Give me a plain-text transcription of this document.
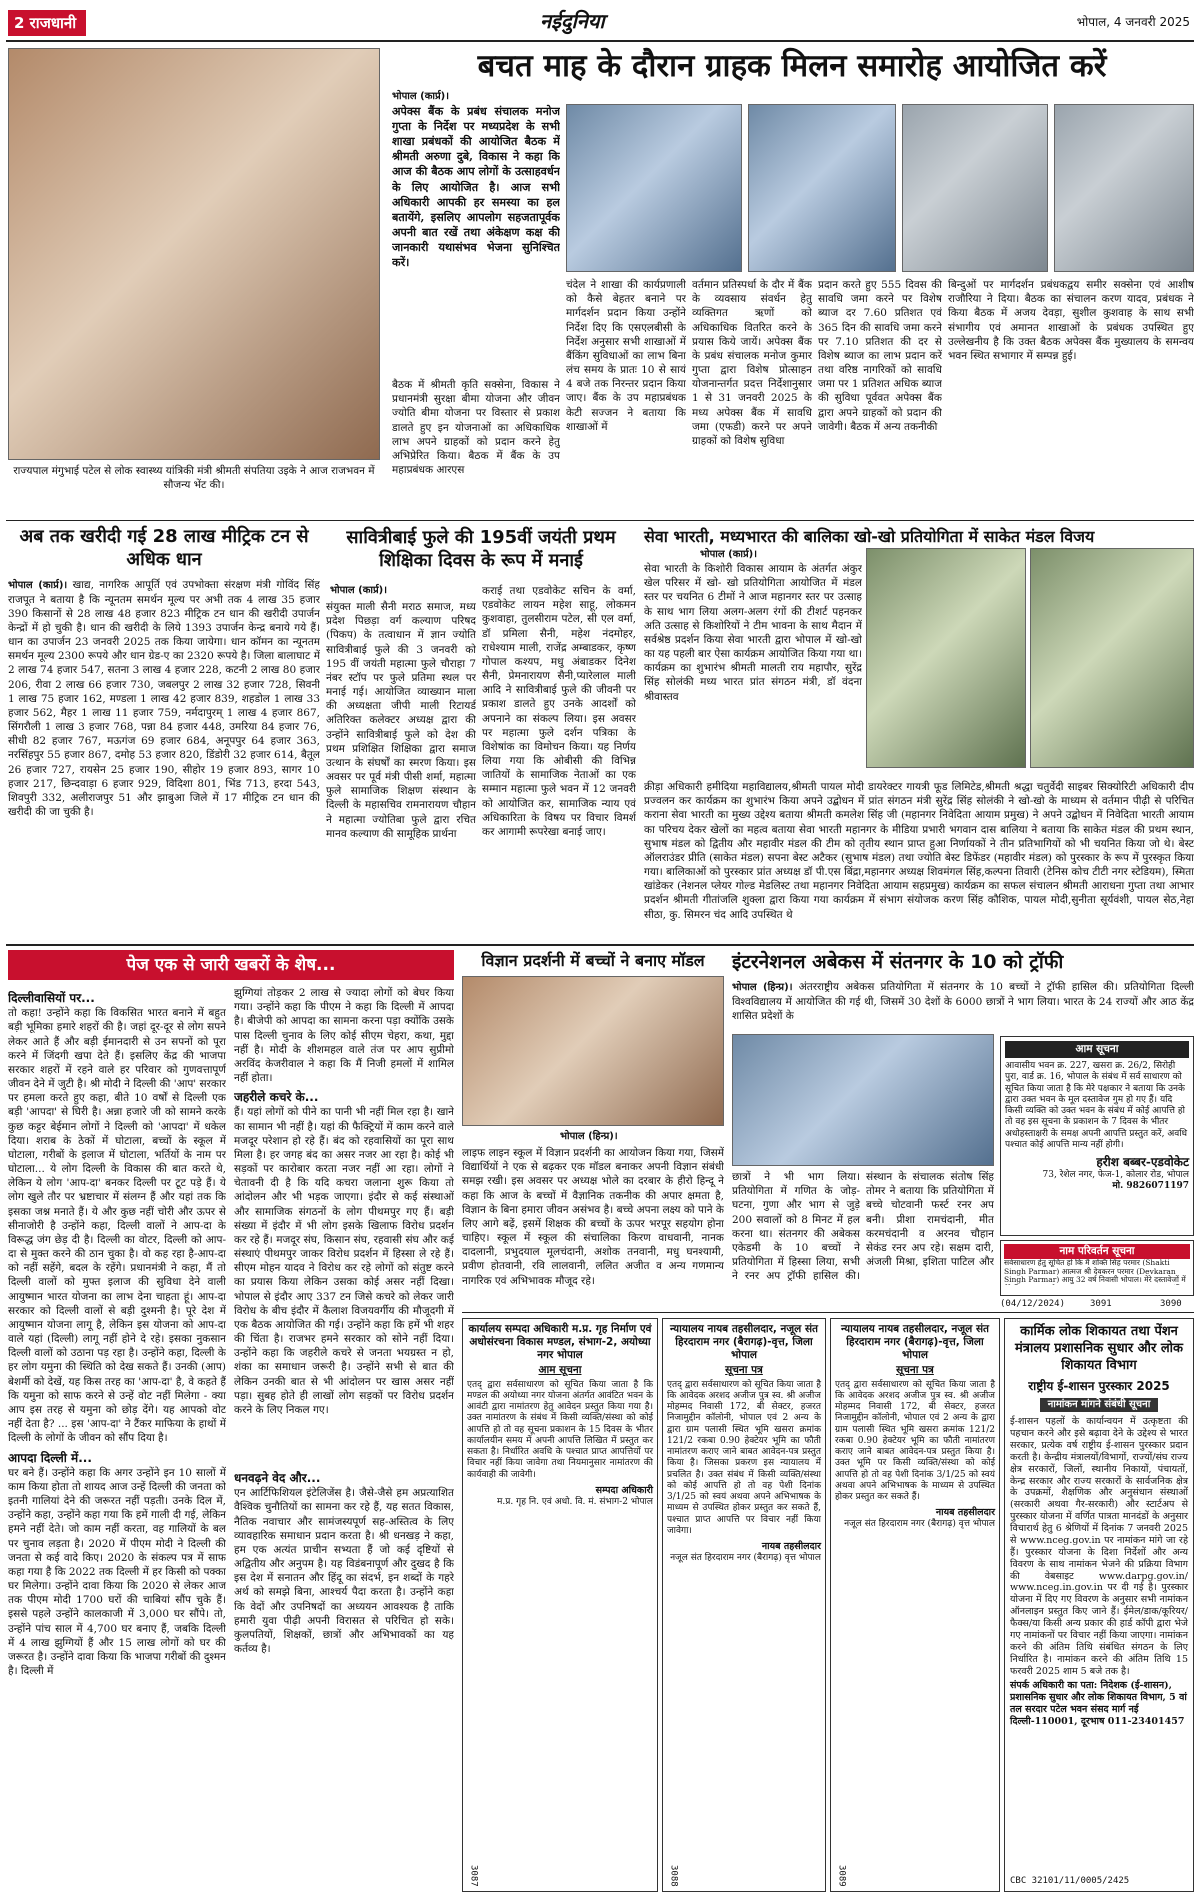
2 राजधानी	नईदुनिया	भोपाल, 4 जनवरी 2025
राज्यपाल मंगुभाई पटेल से लोक स्वास्थ्य यांत्रिकी मंत्री श्रीमती संपतिया उइके ने आज राजभवन में सौजन्य भेंट की।
बचत माह के दौरान ग्राहक मिलन समारोह आयोजित करें
भोपाल (कार्प्र)।
अपेक्स बैंक के प्रबंध संचालक मनोज गुप्ता के निर्देश पर मध्यप्रदेश के सभी शाखा प्रबंधकों की आयोजित बैठक में श्रीमती अरुणा दुबे, विकास ने कहा कि आज की बैठक आप लोगों के उत्साहवर्धन के लिए आयोजित है। आज सभी अधिकारी आपकी हर समस्या का हल बतायेंगे, इसलिए आपलोग सहजतापूर्वक अपनी बात रखें तथा अंकेक्षण कक्ष की जानकारी यथासंभव भेजना सुनिश्चित करें।
बैठक में श्रीमती कृति सक्सेना, विकास ने प्रधानमंत्री सुरक्षा बीमा योजना और जीवन ज्योति बीमा योजना पर विस्तार से प्रकाश डालते हुए इन योजनाओं का अधिकाधिक लाभ अपने ग्राहकों को प्रदान करने हेतु अभिप्रेरित किया। बैठक में बैंक के उप महाप्रबंधक आरएस
चंदेल ने शाखा की कार्यप्रणाली को कैसे बेहतर बनाने पर मार्गदर्शन प्रदान किया उन्होंने निर्देश दिए कि एसएलबीसी के निर्देश अनुसार सभी शाखाओं में बैंकिंग सुविधाओं का लाभ बिना लंच समय के प्रातः 10 से सायं 4 बजे तक निरन्तर प्रदान किया जाए। बैंक के उप महाप्रबंधक केटी सज्जन ने बताया कि शाखाओं में
वर्तमान प्रतिस्पर्धा के दौर में बैंक के व्यवसाय संवर्धन हेतु व्यक्तिगत ऋणों को अधिकाधिक वितरित करने के प्रयास किये जायें। अपेक्स बैंक के प्रबंध संचालक मनोज कुमार गुप्ता द्वारा विशेष प्रोत्साहन योजनान्तर्गत प्रदत्त निर्देशानुसार 1 से 31 जनवरी 2025 के मध्य अपेक्स बैंक में सावधि जमा (एफडी) करने पर अपने ग्राहकों को विशेष सुविधा
प्रदान करते हुए 555 दिवस की सावधि जमा करने पर विशेष ब्याज दर 7.60 प्रतिशत एवं 365 दिन की सावधि जमा करने पर 7.10 प्रतिशत की दर से विशेष ब्याज का लाभ प्रदान करें तथा वरिष्ठ नागरिकों को सावधि जमा पर 1 प्रतिशत अधिक ब्याज की सुविधा पूर्ववत अपेक्स बैंक द्वारा अपने ग्राहकों को प्रदान की जावेगी। बैठक में अन्य तकनीकी
बिन्दुओं पर मार्गदर्शन प्रबंधकद्वय समीर सक्सेना एवं आशीष राजौरिया ने दिया। बैठक का संचालन करण यादव, प्रबंधक ने किया बैठक में अजय देवड़ा, सुशील कुशवाह के साथ सभी संभागीय एवं अमानत शाखाओं के प्रबंधक उपस्थित हुए उल्लेखनीय है कि उक्त बैठक अपेक्स बैंक मुख्यालय के समन्वय भवन स्थित सभागार में सम्पन्न हुई।
अब तक खरीदी गई 28 लाख मीट्रिक टन से अधिक धान
भोपाल (कार्प्र)। खाद्य, नागरिक आपूर्ति एवं उपभोक्ता संरक्षण मंत्री गोविंद सिंह राजपूत ने बताया है कि न्यूनतम समर्थन मूल्य पर अभी तक 4 लाख 35 हजार 390 किसानों से 28 लाख 48 हजार 823 मीट्रिक टन धान की खरीदी उपार्जन केन्द्रों में हो चुकी है। धान की खरीदी के लिये 1393 उपार्जन केन्द्र बनाये गये हैं। धान का उपार्जन 23 जनवरी 2025 तक किया जायेगा। धान कॉमन का न्यूनतम समर्थन मूल्य 2300 रूपये और धान ग्रेड-ए का 2320 रूपये है। जिला बालाघाट में 2 लाख 74 हजार 547, सतना 3 लाख 4 हजार 228, कटनी 2 लाख 80 हजार 206, रीवा 2 लाख 66 हजार 730, जबलपुर 2 लाख 32 हजार 728, सिवनी 1 लाख 75 हजार 162, मण्डला 1 लाख 42 हजार 839, शहडोल 1 लाख 33 हजार 562, मैहर 1 लाख 11 हजार 759, नर्मदापुरम् 1 लाख 4 हजार 867, सिंगरौली 1 लाख 3 हजार 768, पन्ना 84 हजार 448, उमरिया 84 हजार 76, सीधी 82 हजार 767, मऊगंज 69 हजार 684, अनूपपुर 64 हजार 363, नरसिंहपुर 55 हजार 867, दमोह 53 हजार 820, डिंडोरी 32 हजार 614, बैतूल 26 हजार 727, रायसेन 25 हजार 190, सीहोर 19 हजार 893, सागर 10 हजार 217, छिन्दवाड़ा 6 हजार 929, विदिशा 801, भिंड 713, हरदा 543, शिवपुरी 332, अलीराजपुर 51 और झाबुआ जिले में 17 मीट्रिक टन धान की खरीदी की जा चुकी है।
सावित्रीबाई फुले की 195वीं जयंती प्रथम शिक्षिका दिवस के रूप में मनाई
भोपाल (कार्प्र)।
संयुक्त माली सैनी मराठ समाज, मध्य प्रदेश पिछड़ा वर्ग कल्याण परिषद (पिकप) के तत्वाधान में ज्ञान ज्योति सावित्रीबाई फुले की 3 जनवरी को 195 वीं जयंती महात्मा फुले चौराहा 7 नंबर स्टॉप पर फुले प्रतिमा स्थल पर मनाई गई। आयोजित व्याख्यान माला की अध्यक्षता जीपी माली रिटायर्ड अतिरिक्त कलेक्टर अध्यक्ष द्वारा की उन्होंने सावित्रीबाई फुले को देश की प्रथम प्रशिक्षित शिक्षिका द्वारा समाज उत्थान के संघर्षों का स्मरण किया। इस अवसर पर पूर्व मंत्री पीसी शर्मा, महात्मा फुले सामाजिक शिक्षण संस्थान के दिल्ली के महासचिव रामनारायण चौहान ने महात्मा ज्योतिबा फुले द्वारा रचित मानव कल्याण की सामूहिक प्रार्थना
कराई तथा एडवोकेट सचिन के वर्मा, एडवोकेट लायन महेश साहू, लोकमन कुशवाहा, तुलसीराम पटेल, सी एल वर्मा, डॉ प्रमिला सैनी, महेश नंदमोहर, राधेश्याम माली, राजेंद्र अम्बाडकर, कृष्ण गोपाल कश्यप, मधु अंबाडकर दिनेश सैनी, प्रेमनारायण सैनी,प्यारेलाल माली आदि ने सावित्रीबाई फुले की जीवनी पर प्रकाश डालते हुए उनके आदर्शों को अपनाने का संकल्प लिया। इस अवसर पर महात्मा फुले दर्शन पत्रिका के विशेषांक का विमोचन किया। यह निर्णय लिया गया कि ओबीसी की विभिन्न जातियों के सामाजिक नेताओं का एक सम्मान महात्मा फुले भवन में 12 जनवरी को आयोजित कर, सामाजिक न्याय एवं अधिकारिता के विषय पर विचार विमर्श कर आगामी रूपरेखा बनाई जाए।
सेवा भारती, मध्यभारत की बालिका खो-खो प्रतियोगिता में साकेत मंडल विजय
भोपाल (कार्प्र)।
सेवा भारती के किशोरी विकास आयाम के अंतर्गत अंकुर खेल परिसर में खो- खो प्रतियोगिता आयोजित में मंडल स्तर पर चयनित 6 टीमों ने आज महानगर स्तर पर उत्साह के साथ भाग लिया अलग-अलग रंगों की टीशर्ट पहनकर अति उत्साह से किशोरियों ने टीम भावना के साथ मैदान में सर्वश्रेष्ठ प्रदर्शन किया सेवा भारती द्वारा भोपाल में खो-खो का यह पहली बार ऐसा कार्यक्रम आयोजित किया गया था। कार्यक्रम का शुभारंभ श्रीमती मालती राय महापौर, सुरेंद्र सिंह सोलंकी मध्य भारत प्रांत संगठन मंत्री, डॉ वंदना श्रीवास्तव
क्रीड़ा अधिकारी हमीदिया महाविद्यालय,श्रीमती पायल मोदी डायरेक्टर गायत्री फूड लिमिटेड,श्रीमती श्रद्धा चतुर्वेदी साइबर सिक्योरिटी अधिकारी दीप प्रज्वलन कर कार्यक्रम का शुभारंभ किया अपने उद्बोधन में प्रांत संगठन मंत्री सुरेंद्र सिंह सोलंकी ने खो-खो के माध्यम से वर्तमान पीढ़ी से परिचित कराना सेवा भारती का मुख्य उद्देश्य बताया श्रीमती कमलेश सिंह जी (महानगर निवेदिता आयाम प्रमुख) ने अपने उद्बोधन में निवेदिता भारती आयाम का परिचय देकर खेलों का महत्व बताया सेवा भारती महानगर के मीडिया प्रभारी भगवान दास बालिया ने बताया कि साकेत मंडल की प्रथम स्थान, सुभाष मंडल को द्वितीय और महावीर मंडल की टीम को तृतीय स्थान प्राप्त हुआ निर्णायकों ने तीन प्रतिभागियों को भी चयनित किया जो थे। बेस्ट ऑलराउंडर प्रीति (साकेत मंडल) सपना बेस्ट अटैकर (सुभाष मंडल) तथा ज्योति बेस्ट डिफेंडर (महावीर मंडल) को पुरस्कार के रूप में पुरस्कृत किया गया। बालिकाओं को पुरस्कार प्रांत अध्यक्ष डॉ पी.एस बिंद्रा,महानगर अध्यक्ष शिवमंगल सिंह,कल्पना तिवारी (टेनिस कोच टीटी नगर स्टेडियम), स्मिता खांडेकर (नेशनल प्लेयर गोल्ड मेडलिस्ट तथा महानगर निवेदिता आयाम सहप्रमुख) कार्यक्रम का सफल संचालन श्रीमती आराधना गुप्ता तथा आभार प्रदर्शन श्रीमती गीतांजलि शुक्ला द्वारा किया गया कार्यक्रम में संभाग संयोजक करण सिंह कौशिक, पायल मोदी,सुनीता सूर्यवंशी, पायल सेठ,नेहा सीठा, कु. सिमरन चंद आदि उपस्थित थे
पेज एक से जारी खबरों के शेष...
दिल्लीवासियों पर...
तो कहा! उन्होंने कहा कि विकसित भारत बनाने में बहुत बड़ी भूमिका हमारे शहरों की है। जहां दूर-दूर से लोग सपने लेकर आते हैं और बड़ी ईमानदारी से उन सपनों को पूरा करने में जिंदगी खपा देते हैं। इसलिए केंद्र की भाजपा सरकार शहरों में रहने वाले हर परिवार को गुणवत्तापूर्ण जीवन देने में जुटी है। श्री मोदी ने दिल्ली की 'आप' सरकार पर हमला करते हुए कहा, बीते 10 वर्षों से दिल्ली एक बड़ी 'आपदा' से घिरी है। अन्ना हजारे जी को सामने करके कुछ कट्टर बेईमान लोगों ने दिल्ली को 'आपदा' में धकेल दिया। शराब के ठेकों में घोटाला, बच्चों के स्कूल में घोटाला, गरीबों के इलाज में घोटाला, भर्तियों के नाम पर घोटाला... ये लोग दिल्ली के विकास की बात करते थे, लेकिन ये लोग 'आप-दा' बनकर दिल्ली पर टूट पड़े हैं। ये लोग खुले तौर पर भ्रष्टाचार में संलग्न हैं और यहां तक कि इसका जश्न मनाते हैं। ये और कुछ नहीं चोरी और ऊपर से सीनाजोरी है उन्होंने कहा, दिल्ली वालों ने आप-दा के विरूद्ध जंग छेड़ दी है। दिल्ली का वोटर, दिल्ली को आप-दा से मुक्त करने की ठान चुका है। वो कह रहा है-आप-दा को नहीं सहेंगे, बदल के रहेंगे। प्रधानमंत्री ने कहा, मैं तो दिल्ली वालों को मुफ्त इलाज की सुविधा देने वाली आयुष्मान भारत योजना का लाभ देना चाहता हूं। आप-दा सरकार को दिल्ली वालों से बड़ी दुश्मनी है। पूरे देश में आयुष्मान योजना लागू है, लेकिन इस योजना को आप-दा वाले यहां (दिल्ली) लागू नहीं होने दे रहे। इसका नुकसान दिल्ली वालों को उठाना पड़ रहा है। उन्होंने कहा, दिल्ली के हर लोग यमुना की स्थिति को देख सकते हैं। उनकी (आप) बेशर्मी को देखें, यह किस तरह का 'आप-दा' है, वे कहते हैं कि यमुना को साफ करने से उन्हें वोट नहीं मिलेगा - क्या आप इस तरह से यमुना को छोड़ देंगे। यह आपको वोट नहीं देता है? ... इस 'आप-दा' ने टैंकर माफिया के हाथों में दिल्ली के लोगों के जीवन को सौंप दिया है।
आपदा दिल्ली में...
घर बने हैं। उन्होंने कहा कि अगर उन्होंने इन 10 सालों में काम किया होता तो शायद आज उन्हें दिल्ली की जनता को इतनी गालियां देने की जरूरत नहीं पड़ती। उनके दिल में, उन्होंने कहा, उन्होंने कहा गया कि हमें गाली दी गई, लेकिन हमने नहीं देते। जो काम नहीं करता, वह गालियों के बल पर चुनाव लड़ता है। 2020 में पीएम मोदी ने दिल्ली की जनता से कई वादे किए। 2020 के संकल्प पत्र में साफ कहा गया है कि 2022 तक दिल्ली में हर किसी को पक्का घर मिलेगा। उन्होंने दावा किया कि 2020 से लेकर आज तक पीएम मोदी 1700 घरों की चाबियां सौंप चुके हैं। इससे पहले उन्होंने कालकाजी में 3,000 घर सौंपे। तो, उन्होंने पांच साल में 4,700 घर बनाए हैं, जबकि दिल्ली में 4 लाख झुग्गियों हैं और 15 लाख लोगों को घर की जरूरत है। उन्होंने दावा किया कि भाजपा गरीबों की दुश्मन है। दिल्ली में
झुग्गियां तोड़कर 2 लाख से ज्यादा लोगों को बेघर किया गया। उन्होंने कहा कि पीएम ने कहा कि दिल्ली में आपदा है। बीजेपी को आपदा का सामना करना पड़ा क्योंकि उसके पास दिल्ली चुनाव के लिए कोई सीएम चेहरा, कथा, मुद्दा नहीं है। मोदी के शीशमहल वाले तंज पर आप सुप्रीमो अरविंद केजरीवाल ने कहा कि मैं निजी हमलों में शामिल नहीं होता।
जहरीले कचरे के...
हैं। यहां लोगों को पीने का पानी भी नहीं मिल रहा है। खाने का सामान भी नहीं है। यहां की फैक्ट्रियों में काम करने वाले मजदूर परेशान हो रहे हैं। बंद को रहवासियों का पूरा साथ मिला है। हर जगह बंद का असर नजर आ रहा है। कोई भी सड़कों पर कारोबार करता नजर नहीं आ रहा। लोगों ने चेतावनी दी है कि यदि कचरा जलाना शुरू किया तो आंदोलन और भी भड़क जाएगा। इंदौर से कई संस्थाओं और सामाजिक संगठनों के लोग पीथमपुर गए हैं। बड़ी संख्या में इंदौर में भी लोग इसके खिलाफ विरोध प्रदर्शन कर रहे हैं। मजदूर संघ, किसान संघ, रहवासी संघ और कई संस्थाएं पीथमपुर जाकर विरोध प्रदर्शन में हिस्सा ले रहे हैं। सीएम मोहन यादव ने विरोध कर रहे लोगों को संतुष्ट करने का प्रयास किया लेकिन उसका कोई असर नहीं दिखा। भोपाल से इंदौर आए 337 टन जिसे कचरे को लेकर जारी विरोध के बीच इंदौर में कैलाश विजयवर्गीय की मौजूदगी में एक बैठक आयोजित की गई। उन्होंने कहा कि हमें भी शहर की चिंता है। राजभर हमने सरकार को सोने नहीं दिया। उन्होंने कहा कि जहरीले कचरे से जनता भयग्रस्त न हो, शंका का समाधान जरूरी है। उन्होंने सभी से बात की लेकिन उनकी बात से भी आंदोलन पर खास असर नहीं पड़ा। सुबह होते ही लाखों लोग सड़कों पर विरोध प्रदर्शन करने के लिए निकल गए।
धनवढ़ने वेद और...
एन आर्टिफिशियल इंटेलिजेंस है। जैसे-जैसे हम अप्रत्याशित वैश्विक चुनौतियों का सामना कर रहे हैं, यह सतत विकास, नैतिक नवाचार और सामंजस्यपूर्ण सह-अस्तित्व के लिए व्यावहारिक समाधान प्रदान करता है। श्री धनखड़ ने कहा, हम एक अत्यंत प्राचीन सभ्यता हैं जो कई दृष्टियों से अद्वितीय और अनुपम है। यह विडंबनापूर्ण और दुखद है कि इस देश में सनातन और हिंदू का संदर्भ, इन शब्दों के गहरे अर्थ को समझे बिना, आश्चर्य पैदा करता है। उन्होंने कहा कि वेदों और उपनिषदों का अध्ययन आवश्यक है ताकि हमारी युवा पीढ़ी अपनी विरासत से परिचित हो सके। कुलपतियों, शिक्षकों, छात्रों और अभिभावकों का यह कर्तव्य है।
विज्ञान प्रदर्शनी में बच्चों ने बनाए मॉडल
भोपाल (हिन्प्र)।
लाइफ लाइन स्कूल में विज्ञान प्रदर्शनी का आयोजन किया गया, जिसमें विद्यार्थियों ने एक से बढ़कर एक मॉडल बनाकर अपनी विज्ञान संबंधी समझ रखी। इस अवसर पर अध्यक्ष भोले का दरबार के हीरो हिन्दू ने कहा कि आज के बच्चों में वैज्ञानिक तकनीक की अपार क्षमता है, विज्ञान के बिना हमारा जीवन असंभव है। बच्चे अपना लक्ष्य को पाने के लिए आगे बढ़ें, इसमें शिक्षक की बच्चों के ऊपर भरपूर सहयोग होना चाहिए। स्कूल में स्कूल की संचालिका किरण वाधवानी, नानक दादलानी, प्रभुदयाल मूलचंदानी, अशोक तनवानी, मधु घनश्यामी, प्रवीण होतवानी, रवि लालवानी, ललित अजीत व अन्य गणमान्य नागरिक एवं अभिभावक मौजूद रहे।
इंटरनेशनल अबेकस में संतनगर के 10 को ट्रॉफी
भोपाल (हिन्प्र)। अंतरराष्ट्रीय अबेकस प्रतियोगिता में संतनगर के 10 बच्चों ने ट्रॉफी हासिल की। प्रतियोगिता दिल्ली विश्वविद्यालय में आयोजित की गई थी, जिसमें 30 देशों के 6000 छात्रों ने भाग लिया। भारत के 24 राज्यों और आठ केंद्र शासित प्रदेशों के
छात्रों ने भी भाग लिया। प्रतियोगिता में गणित के जोड़-घटना, गुणा और भाग से जुड़े 200 सवालों को 8 मिनट में हल करना था। संतनगर की अबेकस एकेडमी के 10 बच्चों ने प्रतियोगिता में हिस्सा लिया, सभी ने रनर अप ट्रॉफी हासिल की। संस्थान के संचालक संतोष सिंह तोमर ने बताया कि प्रतियोगिता में बच्चे चोटवानी फर्स्ट रनर अप बनी। प्रीशा रामचंदानी, मीत करमचंदानी व अरनव चौहान सेकंड रनर अप रहे। सक्षम दारी, अंजली मिश्रा, इशिता पाटिल और
आम सूचना
आवासीय भवन क्र. 227, खसरा क्र. 26/2, सिरोही पुरा, वार्ड क्र. 16, भोपाल के संबंध में सर्व साधारण को सूचित किया जाता है कि मेरे पक्षकार ने बताया कि उनके द्वारा उक्त भवन के मूल दस्तावेज गुम हो गए हैं। यदि किसी व्यक्ति को उक्त भवन के संबंध में कोई आपत्ति हो तो वह इस सूचना के प्रकाशन के 7 दिवस के भीतर अधोहस्ताक्षरी के समक्ष अपनी आपत्ति प्रस्तुत करें, अवधि पश्चात कोई आपत्ति मान्य नहीं होगी।
हरीश बब्बर-एडवोकेट
73, रेशेल नगर, फेज-1, कोलार रोड, भोपाल
मो. 9826071197
नाम परिवर्तन सूचना
सर्वसाधारण हेतु सूचित हो कि मैं शक्ति सिंह परमार (Shakti Singh Parmar) आत्मज श्री देवकरन परमार (Devkaran Singh Parmar) आयु 32 वर्ष निवासी भोपाल। मेरे दस्तावेजों में
(04/12/2024)	3091	3090
कार्यालय सम्पदा अधिकारी म.प्र. गृह निर्माण एवं अधोसंरचना विकास मण्डल, संभाग-2, अयोध्या नगर भोपाल
आम सूचना
एतद् द्वारा सर्वसाधारण को सूचित किया जाता है कि मण्डल की अयोध्या नगर योजना अंतर्गत आवंटित भवन के आवंटी द्वारा नामांतरण हेतु आवेदन प्रस्तुत किया गया है। उक्त नामांतरण के संबंध में किसी व्यक्ति/संस्था को कोई आपत्ति हो तो वह सूचना प्रकाशन के 15 दिवस के भीतर कार्यालयीन समय में अपनी आपत्ति लिखित में प्रस्तुत कर सकता है। निर्धारित अवधि के पश्चात प्राप्त आपत्तियों पर विचार नहीं किया जावेगा तथा नियमानुसार नामांतरण की कार्यवाही की जावेगी।
सम्पदा अधिकारी
म.प्र. गृह नि. एवं अधो. वि. मं. संभाग-2 भोपाल
3087
न्यायालय नायब तहसीलदार, नजूल संत हिरदाराम नगर (बैरागढ़)-वृत्त, जिला भोपाल
सूचना पत्र
एतद् द्वारा सर्वसाधारण को सूचित किया जाता है कि आवेदक अरशद अजीज पुत्र स्व. श्री अजीज मोहम्मद निवासी 172, बी सेक्टर, हजरत निजामुद्दीन कॉलोनी, भोपाल एवं 2 अन्य के द्वारा ग्राम पलासी स्थित भूमि खसरा क्रमांक 121/2 रकबा 0.90 हेक्टेयर भूमि का फौती नामांतरण कराए जाने बाबत आवेदन-पत्र प्रस्तुत किया है। जिसका प्रकरण इस न्यायालय में प्रचलित है। उक्त संबंध में किसी व्यक्ति/संस्था को कोई आपत्ति हो तो वह पेशी दिनांक 3/1/25 को स्वयं अथवा अपने अभिभाषक के माध्यम से उपस्थित होकर प्रस्तुत कर सकते हैं, पश्चात प्राप्त आपत्ति पर विचार नहीं किया जावेगा।
नायब तहसीलदार
नजूल संत हिरदाराम नगर (बैरागढ़) वृत्त भोपाल
3088
न्यायालय नायब तहसीलदार, नजूल संत हिरदाराम नगर (बैरागढ़)-वृत्त, जिला भोपाल
सूचना पत्र
एतद् द्वारा सर्वसाधारण को सूचित किया जाता है कि आवेदक अरशद अजीज पुत्र स्व. श्री अजीज मोहम्मद निवासी 172, बी सेक्टर, हजरत निजामुद्दीन कॉलोनी, भोपाल एवं 2 अन्य के द्वारा ग्राम पलासी स्थित भूमि खसरा क्रमांक 121/2 रकबा 0.90 हेक्टेयर भूमि का फौती नामांतरण कराए जाने बाबत आवेदन-पत्र प्रस्तुत किया है। उक्त भूमि पर किसी व्यक्ति/संस्था को कोई आपत्ति हो तो वह पेशी दिनांक 3/1/25 को स्वयं अथवा अपने अभिभाषक के माध्यम से उपस्थित होकर प्रस्तुत कर सकते हैं।
नायब तहसीलदार
नजूल संत हिरदाराम नगर (बैरागढ़) वृत्त भोपाल
3089
कार्मिक लोक शिकायत तथा पेंशन मंत्रालय प्रशासनिक सुधार और लोक शिकायत विभाग
राष्ट्रीय ई-शासन पुरस्कार 2025
नामांकन मांगने संबंधी सूचना
ई-शासन पहलों के कार्यान्वयन में उत्कृष्टता की पहचान करने और इसे बढ़ावा देने के उद्देश्य से भारत सरकार, प्रत्येक वर्ष राष्ट्रीय ई-शासन पुरस्कार प्रदान करती है। केन्द्रीय मंत्रालयों/विभागों, राज्यों/संघ राज्य क्षेत्र सरकारों, जिलों, स्थानीय निकायों, पंचायतों, केन्द्र सरकार और राज्य सरकारों के सार्वजनिक क्षेत्र के उपक्रमों, शैक्षणिक और अनुसंधान संस्थाओं (सरकारी अथवा गैर-सरकारी) और स्टार्टअप से पुरस्कार योजना में वर्णित पात्रता मानदंडों के अनुसार विचारार्थ हेतु 6 श्रेणियों में दिनांक 7 जनवरी 2025 से www.nceg.gov.in पर नामांकन मांगे जा रहे हैं। पुरस्कार योजना के दिशा निर्देशों और अन्य विवरण के साथ नामांकन भेजने की प्रक्रिया विभाग की वेबसाइट www.darpg.gov.in/ www.nceg.in.gov.in पर दी गई है। पुरस्कार योजना में दिए गए विवरण के अनुसार सभी नामांकन ऑनलाइन प्रस्तुत किए जाने हैं। ईमेल/डाक/कूरियर/फैक्स/या किसी अन्य प्रकार की हार्ड कॉपी द्वारा भेजे गए नामांकनों पर विचार नहीं किया जाएगा। नामांकन करने की अंतिम तिथि संबंधित संगठन के लिए निर्धारित है। नामांकन करने की अंतिम तिथि 15 फरवरी 2025 शाम 5 बजे तक है।
संपर्क अधिकारी का पता: निदेशक (ई-शासन), प्रशासनिक सुधार और लोक शिकायत विभाग, 5 वां तल सरदार पटेल भवन संसद मार्ग नई दिल्ली-110001, दूरभाष 011-23401457
CBC 32101/11/0005/2425
